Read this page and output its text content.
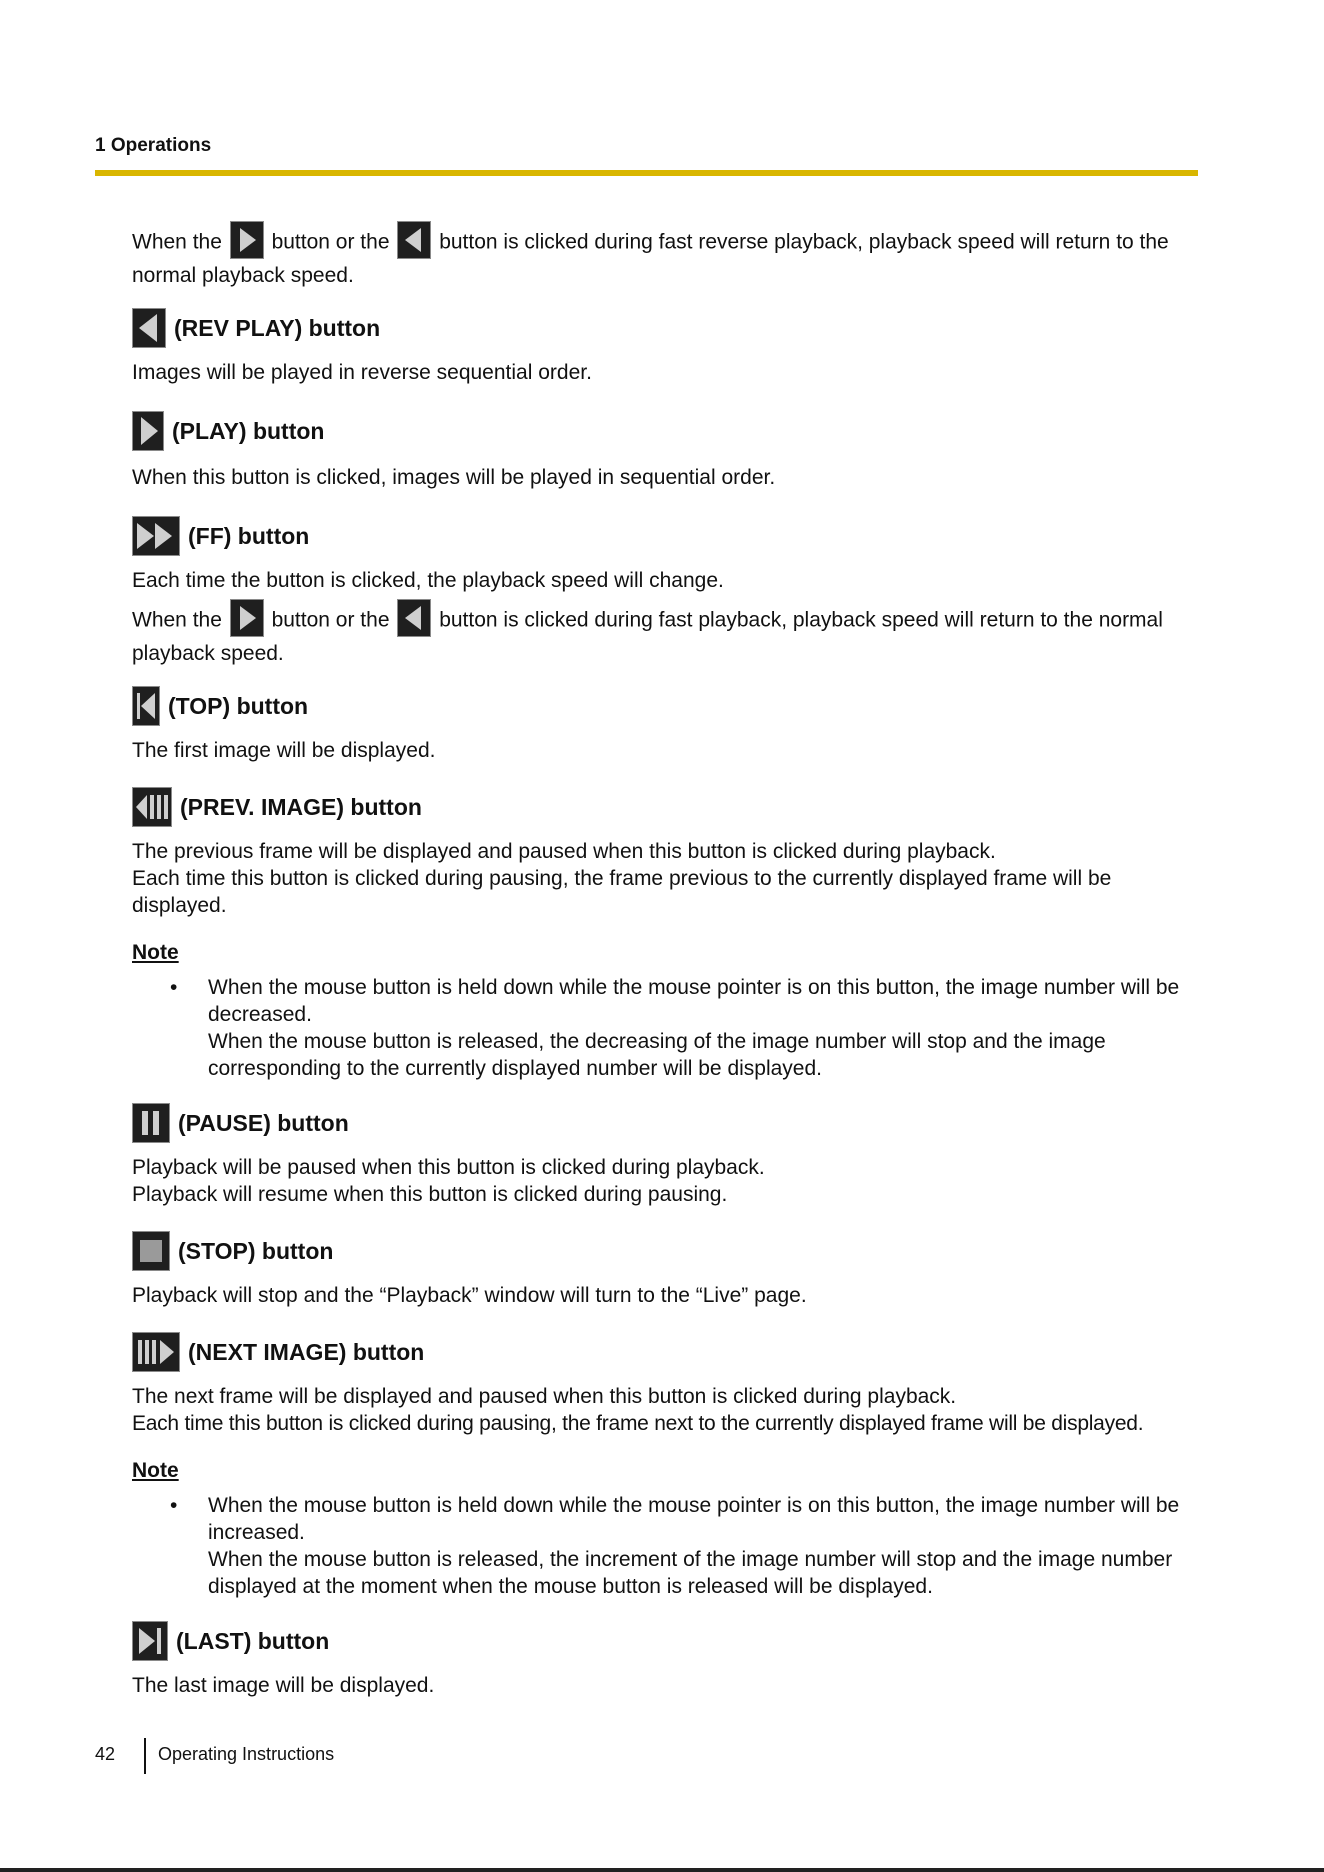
1 Operations

When the button or the button is clicked during fast reverse playback, playback speed will return to the normal playback speed.

(REV PLAY) button

Images will be played in reverse sequential order.

(PLAY) button

When this button is clicked, images will be played in sequential order.

(FF) button

Each time the button is clicked, the playback speed will change.

When the button or the button is clicked during fast playback, playback speed will return to the normal playback speed.

(TOP) button

The first image will be displayed.

(PREV. IMAGE) button

The previous frame will be displayed and paused when this button is clicked during playback.

Each time this button is clicked during pausing, the frame previous to the currently displayed frame will be displayed.

Note

• When the mouse button is held down while the mouse pointer is on this button, the image number will be decreased.
When the mouse button is released, the decreasing of the image number will stop and the image corresponding to the currently displayed number will be displayed.
(PAUSE) button

Playback will be paused when this button is clicked during playback.

Playback will resume when this button is clicked during pausing.

(STOP) button

Playback will stop and the “Playback” window will turn to the “Live” page.

(NEXT IMAGE) button

The next frame will be displayed and paused when this button is clicked during playback.

Each time this button is clicked during pausing, the frame next to the currently displayed frame will be displayed.

Note

• When the mouse button is held down while the mouse pointer is on this button, the image number will be increased.
When the mouse button is released, the increment of the image number will stop and the image number displayed at the moment when the mouse button is released will be displayed.
(LAST) button

The last image will be displayed.

42 Operating Instructions
